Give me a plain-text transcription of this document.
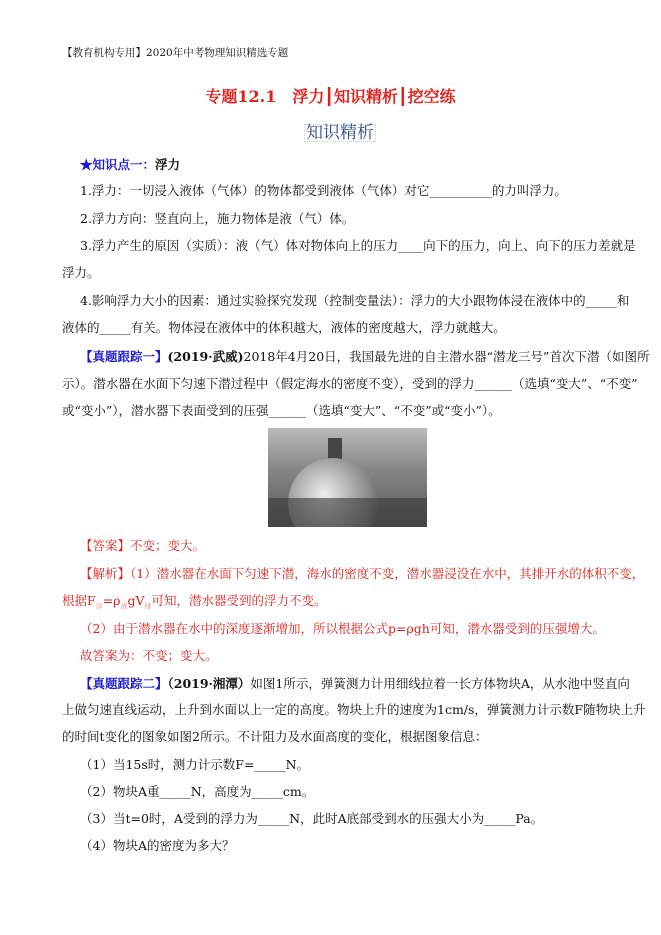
【教育机构专用】2020年中考物理知识精选专题
专题12.1　浮力┃知识精析┃挖空练
知识精析
★知识点一：浮力
1.浮力：一切浸入液体（气体）的物体都受到液体（气体）对它__________的力叫浮力。
2.浮力方向：竖直向上，施力物体是液（气）体。
3.浮力产生的原因（实质）：液（气）体对物体向上的压力____向下的压力，向上、向下的压力差就是
浮力。
4.影响浮力大小的因素：通过实验探究发现（控制变量法）：浮力的大小跟物体浸在液体中的_____和
液体的_____有关。物体浸在液体中的体积越大，液体的密度越大，浮力就越大。
【真题跟踪一】(2019·武威)2018年4月20日，我国最先进的自主潜水器“潜龙三号”首次下潜（如图所
示）。潜水器在水面下匀速下潜过程中（假定海水的密度不变），受到的浮力______（选填“变大”、“不变”
或“变小”），潜水器下表面受到的压强______（选填“变大”、“不变”或“变小”）。
【答案】不变；变大。
【解析】（1）潜水器在水面下匀速下潜，海水的密度不变，潜水器浸没在水中，其排开水的体积不变，
根据$F_浮=\rho_液gV_排$可知，潜水器受到的浮力不变。
（2）由于潜水器在水中的深度逐渐增加，所以根据公式p=ρgh可知，潜水器受到的压强增大。
故答案为：不变；变大。
【真题跟踪二】（2019·湘潭）如图1所示，弹簧测力计用细线拉着一长方体物块A，从水池中竖直向
上做匀速直线运动，上升到水面以上一定的高度。物块上升的速度为1cm/s，弹簧测力计示数F随物块上升
的时间t变化的图象如图2所示。不计阻力及水面高度的变化，根据图象信息：
（1）当15s时，测力计示数F=_____N。
（2）物块A重_____N，高度为_____cm。
（3）当t=0时，A受到的浮力为_____N，此时A底部受到水的压强大小为_____Pa。
（4）物块A的密度为多大？
